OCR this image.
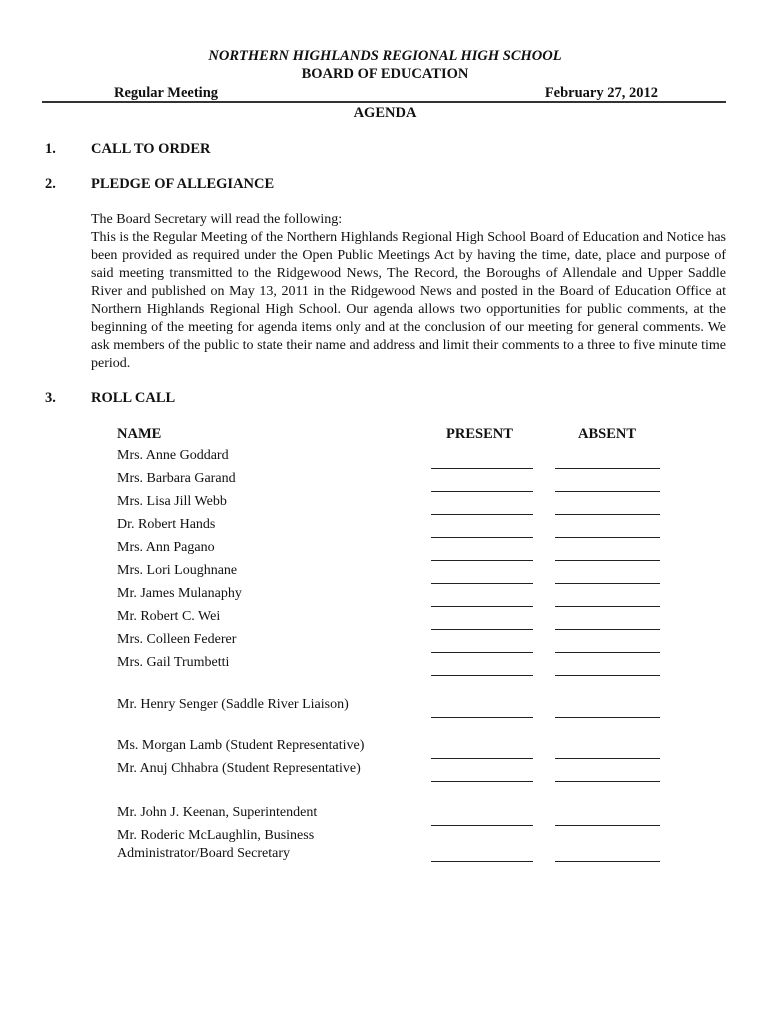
NORTHERN HIGHLANDS REGIONAL HIGH SCHOOL
BOARD OF EDUCATION
Regular Meeting	February 27, 2012
AGENDA
1. CALL TO ORDER
2. PLEDGE OF ALLEGIANCE

The Board Secretary will read the following:

This is the Regular Meeting of the Northern Highlands Regional High School Board of Education and Notice has been provided as required under the Open Public Meetings Act by having the time, date, place and purpose of said meeting transmitted to the Ridgewood News, The Record, the Boroughs of Allendale and Upper Saddle River and published on May 13, 2011 in the Ridgewood News and posted in the Board of Education Office at Northern Highlands Regional High School. Our agenda allows two opportunities for public comments, at the beginning of the meeting for agenda items only and at the conclusion of our meeting for general comments. We ask members of the public to state their name and address and limit their comments to a three to five minute time period.

3. ROLL CALL
NAME	PRESENT	ABSENT
Mrs. Anne Goddard
Mrs. Barbara Garand
Mrs. Lisa Jill Webb
Dr. Robert Hands
Mrs. Ann Pagano
Mrs. Lori Loughnane
Mr. James Mulanaphy
Mr. Robert C. Wei
Mrs. Colleen Federer
Mrs. Gail Trumbetti
Mr. Henry Senger (Saddle River Liaison)
Ms. Morgan Lamb (Student Representative)
Mr. Anuj Chhabra (Student Representative)
Mr. John J. Keenan, Superintendent
Mr. Roderic McLaughlin, Business
Administrator/Board Secretary
